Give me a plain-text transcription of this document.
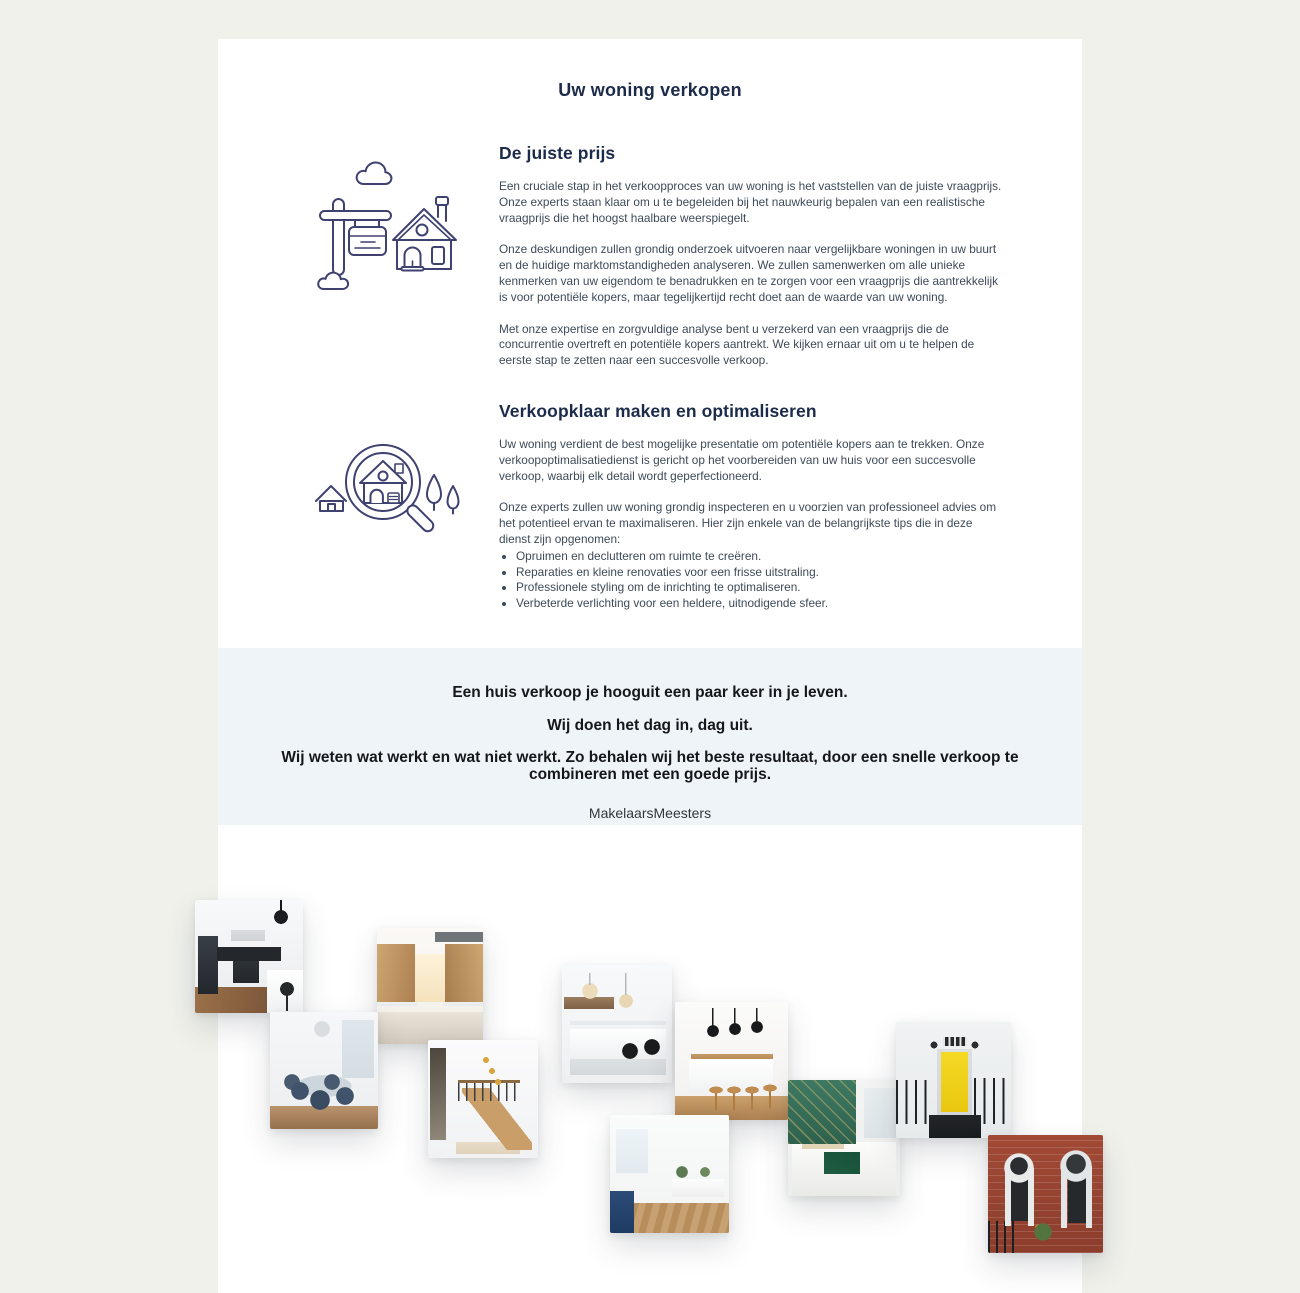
Uw woning verkopen
De juiste prijs

Een cruciale stap in het verkoopproces van uw woning is het vaststellen van de juiste vraagprijs. Onze experts staan klaar om u te begeleiden bij het nauwkeurig bepalen van een realistische vraagprijs die het hoogst haalbare weerspiegelt.

Onze deskundigen zullen grondig onderzoek uitvoeren naar vergelijkbare woningen in uw buurt en de huidige marktomstandigheden analyseren. We zullen samenwerken om alle unieke kenmerken van uw eigendom te benadrukken en te zorgen voor een vraagprijs die aantrekkelijk is voor potentiële kopers, maar tegelijkertijd recht doet aan de waarde van uw woning.

Met onze expertise en zorgvuldige analyse bent u verzekerd van een vraagprijs die de concurrentie overtreft en potentiële kopers aantrekt. We kijken ernaar uit om u te helpen de eerste stap te zetten naar een succesvolle verkoop.

Verkoopklaar maken en optimaliseren

Uw woning verdient de best mogelijke presentatie om potentiële kopers aan te trekken. Onze verkoopoptimalisatiedienst is gericht op het voorbereiden van uw huis voor een succesvolle verkoop, waarbij elk detail wordt geperfectioneerd.

Onze experts zullen uw woning grondig inspecteren en u voorzien van professioneel advies om het potentieel ervan te maximaliseren. Hier zijn enkele van de belangrijkste tips die in deze dienst zijn opgenomen:

• Opruimen en declutteren om ruimte te creëren.
• Reparaties en kleine renovaties voor een frisse uitstraling.
• Professionele styling om de inrichting te optimaliseren.
• Verbeterde verlichting voor een heldere, uitnodigende sfeer.

Een huis verkoop je hooguit een paar keer in je leven.

Wij doen het dag in, dag uit.

Wij weten wat werkt en wat niet werkt. Zo behalen wij het beste resultaat, door een snelle verkoop te combineren met een goede prijs.

MakelaarsMeesters
